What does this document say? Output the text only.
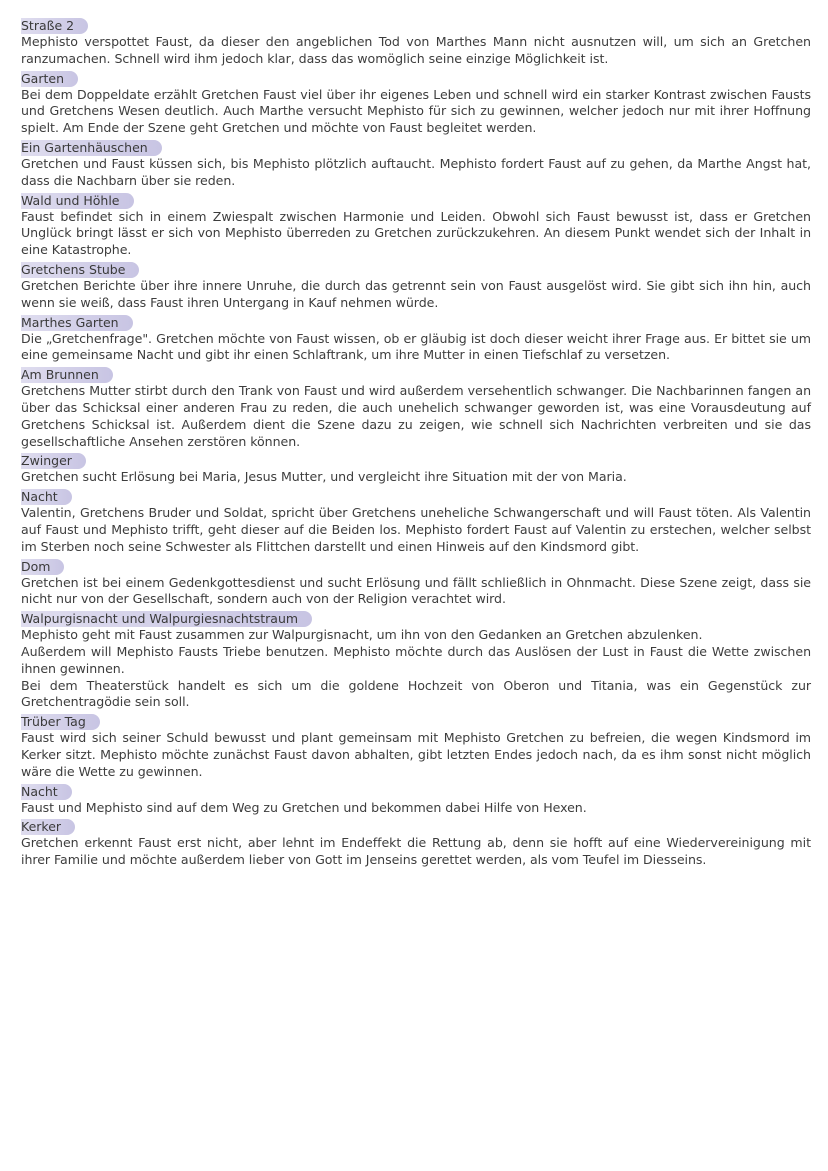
Straße 2

Mephisto verspottet Faust, da dieser den angeblichen Tod von Marthes Mann nicht ausnutzen will, um sich an Gretchen ranzumachen. Schnell wird ihm jedoch klar, dass das womöglich seine einzige Möglichkeit ist.

Garten

Bei dem Doppeldate erzählt Gretchen Faust viel über ihr eigenes Leben und schnell wird ein starker Kontrast zwischen Fausts und Gretchens Wesen deutlich. Auch Marthe versucht Mephisto für sich zu gewinnen, welcher jedoch nur mit ihrer Hoffnung spielt. Am Ende der Szene geht Gretchen und möchte von Faust begleitet werden.

Ein Gartenhäuschen

Gretchen und Faust küssen sich, bis Mephisto plötzlich auftaucht. Mephisto fordert Faust auf zu gehen, da Marthe Angst hat, dass die Nachbarn über sie reden.

Wald und Höhle

Faust befindet sich in einem Zwiespalt zwischen Harmonie und Leiden. Obwohl sich Faust bewusst ist, dass er Gretchen Unglück bringt lässt er sich von Mephisto überreden zu Gretchen zurückzukehren. An diesem Punkt wendet sich der Inhalt in eine Katastrophe.

Gretchens Stube

Gretchen Berichte über ihre innere Unruhe, die durch das getrennt sein von Faust ausgelöst wird. Sie gibt sich ihn hin, auch wenn sie weiß, dass Faust ihren Untergang in Kauf nehmen würde.

Marthes Garten

Die „Gretchenfrage". Gretchen möchte von Faust wissen, ob er gläubig ist doch dieser weicht ihrer Frage aus. Er bittet sie um eine gemeinsame Nacht und gibt ihr einen Schlaftrank, um ihre Mutter in einen Tiefschlaf zu versetzen.

Am Brunnen

Gretchens Mutter stirbt durch den Trank von Faust und wird außerdem versehentlich schwanger. Die Nachbarinnen fangen an über das Schicksal einer anderen Frau zu reden, die auch unehelich schwanger geworden ist, was eine Vorausdeutung auf Gretchens Schicksal ist. Außerdem dient die Szene dazu zu zeigen, wie schnell sich Nachrichten verbreiten und sie das gesellschaftliche Ansehen zerstören können.

Zwinger

Gretchen sucht Erlösung bei Maria, Jesus Mutter, und vergleicht ihre Situation mit der von Maria.

Nacht

Valentin, Gretchens Bruder und Soldat, spricht über Gretchens uneheliche Schwangerschaft und will Faust töten. Als Valentin auf Faust und Mephisto trifft, geht dieser auf die Beiden los. Mephisto fordert Faust auf Valentin zu erstechen, welcher selbst im Sterben noch seine Schwester als Flittchen darstellt und einen Hinweis auf den Kindsmord gibt.

Dom

Gretchen ist bei einem Gedenkgottesdienst und sucht Erlösung und fällt schließlich in Ohnmacht. Diese Szene zeigt, dass sie nicht nur von der Gesellschaft, sondern auch von der Religion verachtet wird.

Walpurgisnacht und Walpurgiesnachtstraum

Mephisto geht mit Faust zusammen zur Walpurgisnacht, um ihn von den Gedanken an Gretchen abzulenken.

Außerdem will Mephisto Fausts Triebe benutzen. Mephisto möchte durch das Auslösen der Lust in Faust die Wette zwischen ihnen gewinnen.

Bei dem Theaterstück handelt es sich um die goldene Hochzeit von Oberon und Titania, was ein Gegenstück zur Gretchentragödie sein soll.

Trüber Tag

Faust wird sich seiner Schuld bewusst und plant gemeinsam mit Mephisto Gretchen zu befreien, die wegen Kindsmord im Kerker sitzt. Mephisto möchte zunächst Faust davon abhalten, gibt letzten Endes jedoch nach, da es ihm sonst nicht möglich wäre die Wette zu gewinnen.

Nacht

Faust und Mephisto sind auf dem Weg zu Gretchen und bekommen dabei Hilfe von Hexen.

Kerker

Gretchen erkennt Faust erst nicht, aber lehnt im Endeffekt die Rettung ab, denn sie hofft auf eine Wiedervereinigung mit ihrer Familie und möchte außerdem lieber von Gott im Jenseins gerettet werden, als vom Teufel im Diesseins.
